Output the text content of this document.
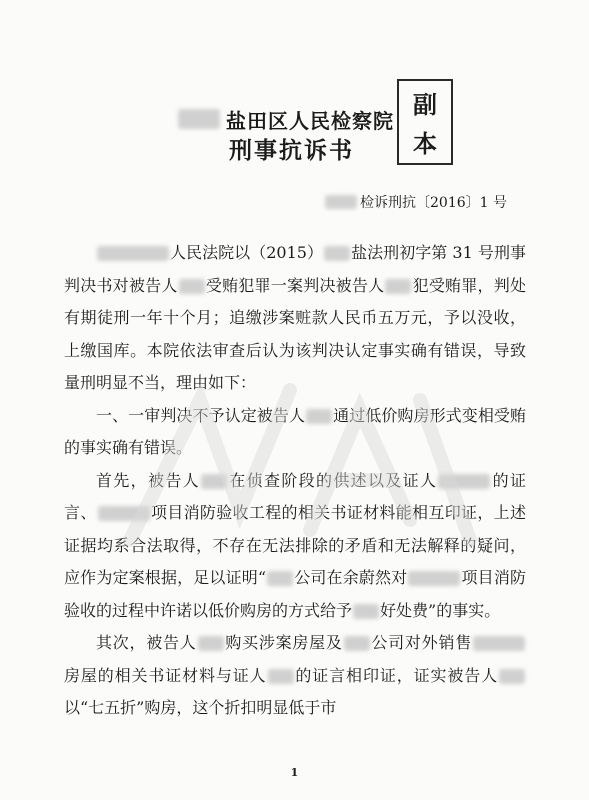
盐田区人民检察院
刑事抗诉书
副
本
检诉刑抗〔2016〕1 号

人民法院以（2015） 盐法刑初字第 31 号刑事判决书对被告人 受贿犯罪一案判决被告人 犯受贿罪，判处有期徒刑一年十个月；追缴涉案赃款人民币五万元，予以没收，上缴国库。本院依法审查后认为该判决认定事实确有错误，导致量刑明显不当，理由如下：

一、一审判决不予认定被告人 通过低价购房形式变相受贿的事实确有错误。

首先，被告人 在侦查阶段的供述以及证人	的证言、	项目消防验收工程的相关书证材料能相互印证，上述证据均系合法取得，不存在无法排除的矛盾和无法解释的疑问，应作为定案根据，足以证明“ 公司在余蔚然对	项目消防验收的过程中许诺以低价购房的方式给予 好处费”的事实。

其次，被告人 购买涉案房屋及 公司对外销售房屋的相关书证材料与证人 的证言相印证，证实被告人以“七五折”购房，这个折扣明显低于市

1
